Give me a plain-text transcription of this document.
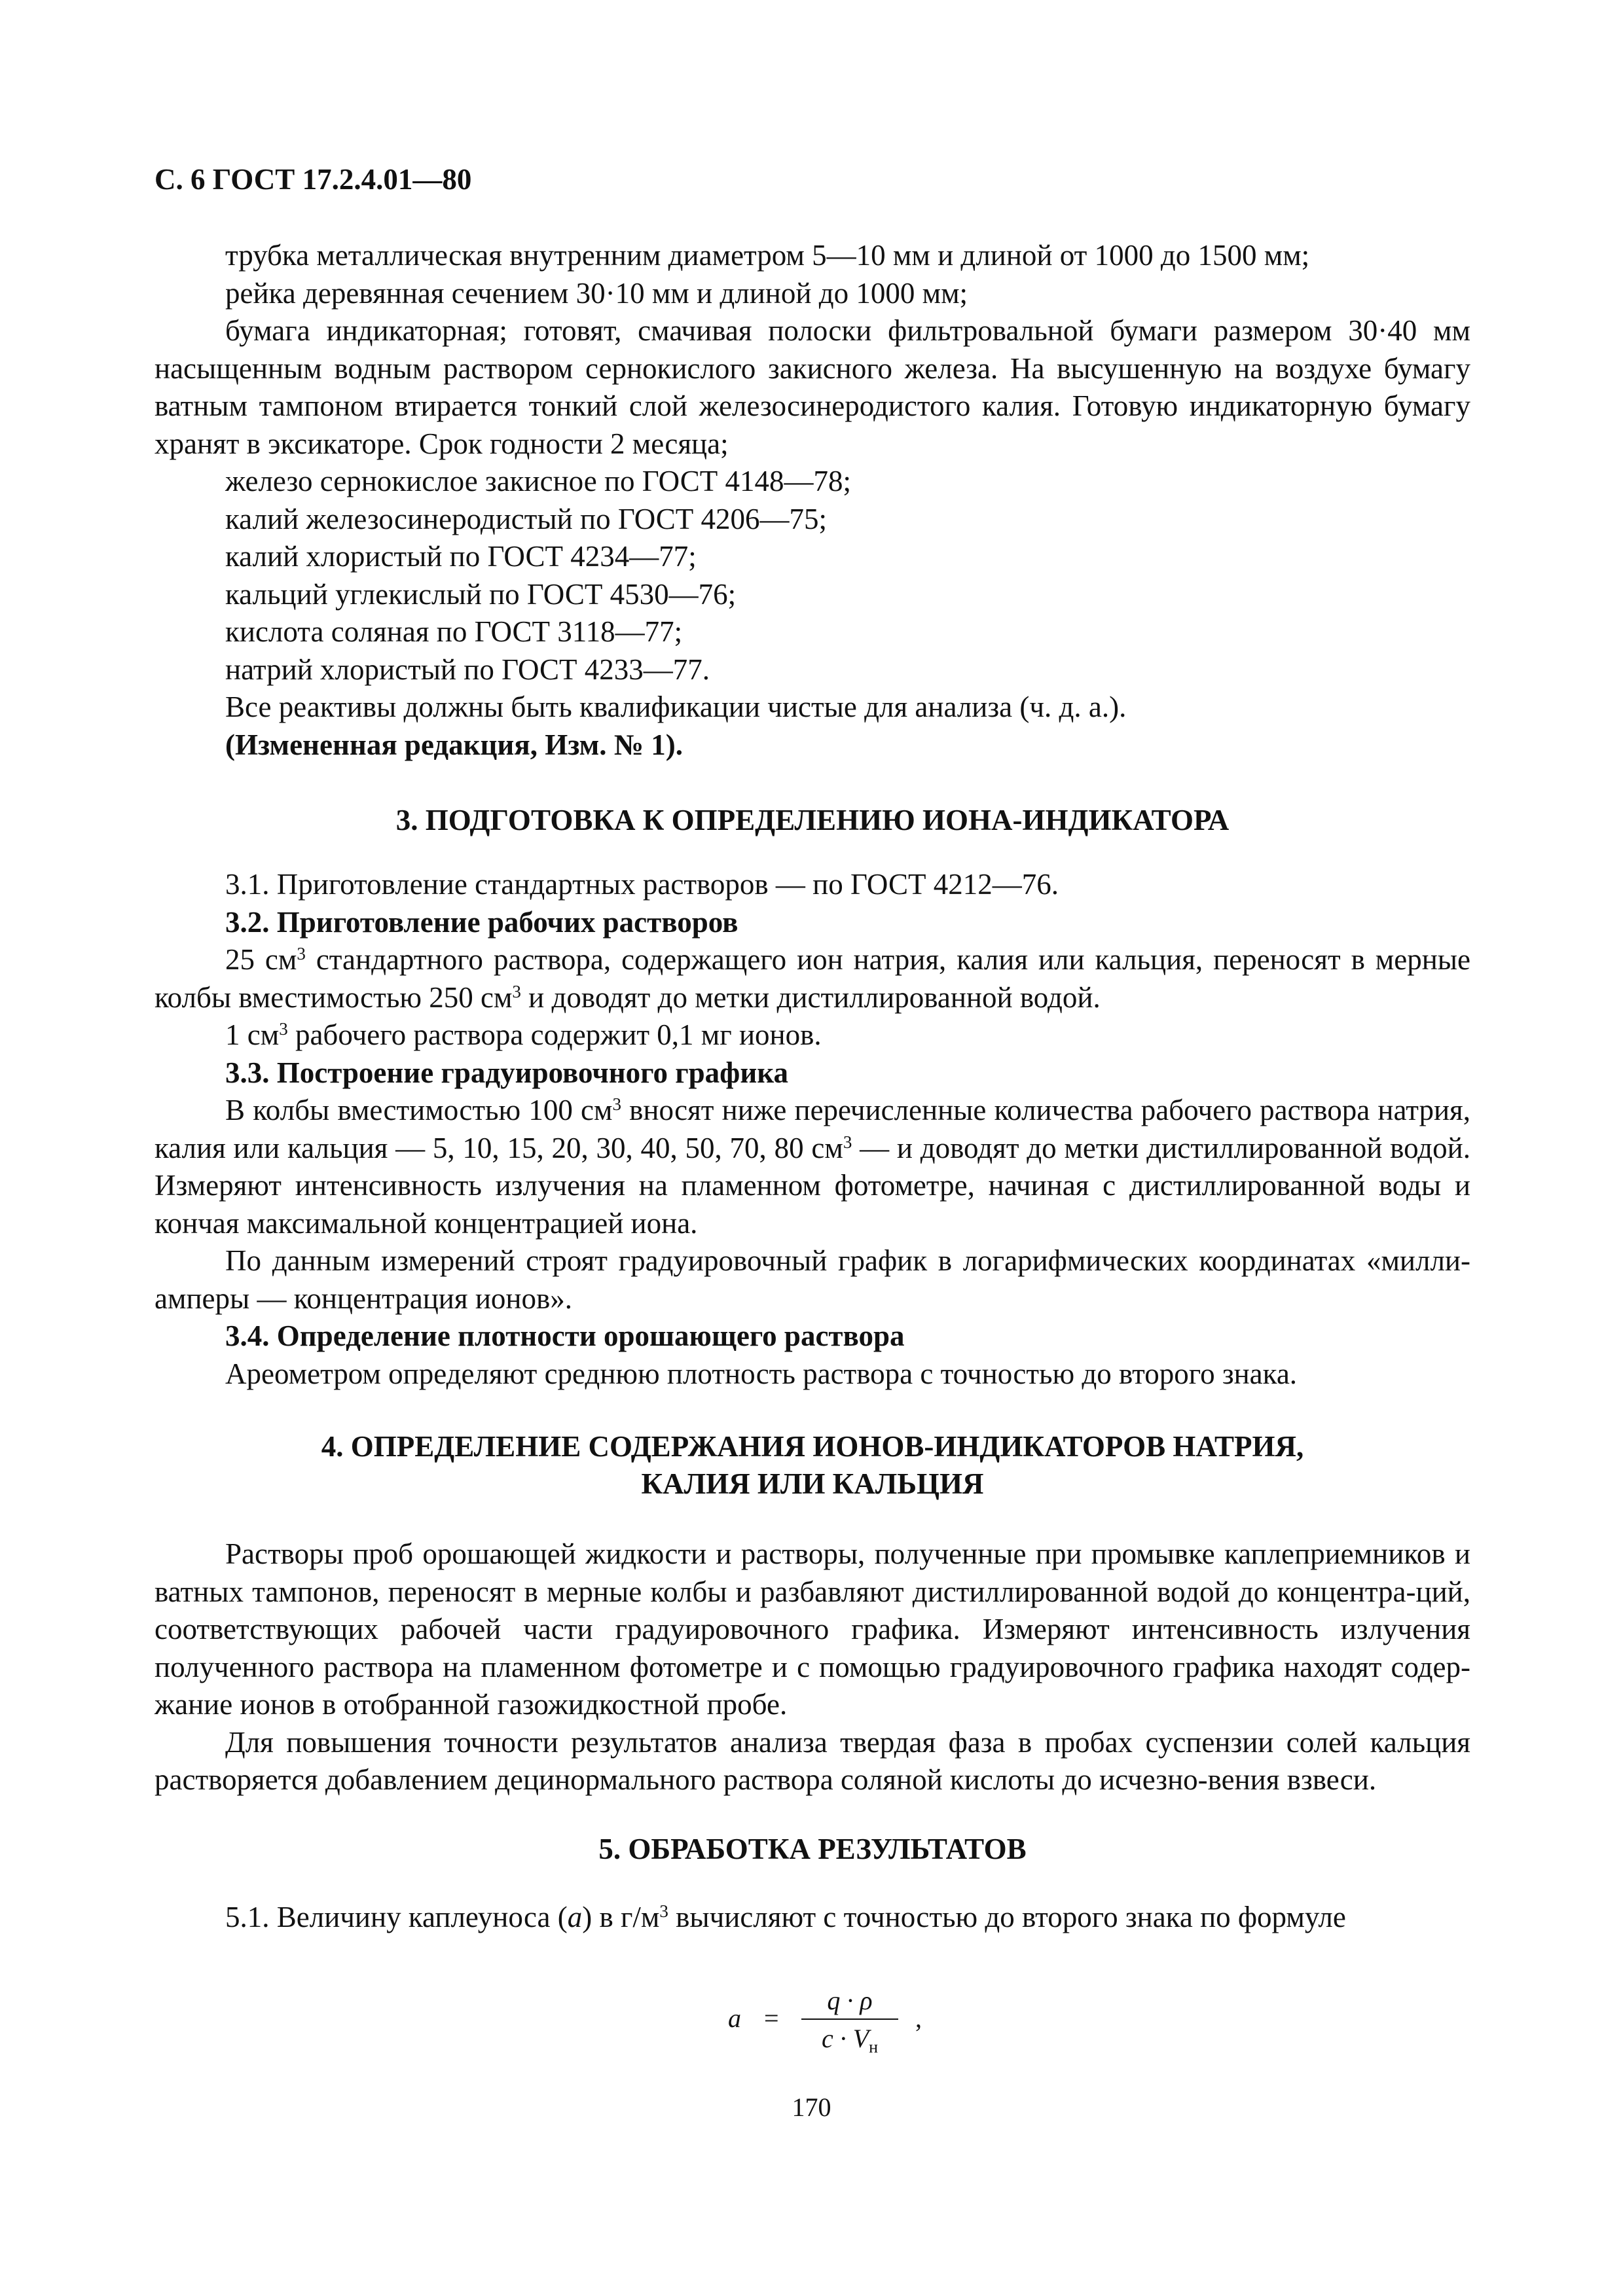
С. 6 ГОСТ 17.2.4.01—80

трубка металлическая внутренним диаметром 5—10 мм и длиной от 1000 до 1500 мм;

рейка деревянная сечением 30·10 мм и длиной до 1000 мм;

бумага индикаторная; готовят, смачивая полоски фильтровальной бумаги размером 30·40 мм насыщенным водным раствором сернокислого закисного железа. На высушенную на воздухе бумагу ватным тампоном втирается тонкий слой железосинеродистого калия. Готовую индикаторную бумагу хранят в эксикаторе. Срок годности 2 месяца;

железо сернокислое закисное по ГОСТ 4148—78;

калий железосинеродистый по ГОСТ 4206—75;

калий хлористый по ГОСТ 4234—77;

кальций углекислый по ГОСТ 4530—76;

кислота соляная по ГОСТ 3118—77;

натрий хлористый по ГОСТ 4233—77.

Все реактивы должны быть квалификации чистые для анализа (ч. д. а.).

(Измененная редакция, Изм. № 1).

3. ПОДГОТОВКА К ОПРЕДЕЛЕНИЮ ИОНА-ИНДИКАТОРА

3.1. Приготовление стандартных растворов — по ГОСТ 4212—76.

3.2. Приготовление рабочих растворов

25 $см^3$ стандартного раствора, содержащего ион натрия, калия или кальция, переносят в мерные колбы вместимостью 250 $см^3$ и доводят до метки дистиллированной водой.

1 $см^3$ рабочего раствора содержит 0,1 мг ионов.

3.3. Построение градуировочного графика

В колбы вместимостью 100 $см^3$ вносят ниже перечисленные количества рабочего раствора натрия, калия или кальция — 5, 10, 15, 20, 30, 40, 50, 70, 80 $см^3$ — и доводят до метки дистиллированной водой. Измеряют интенсивность излучения на пламенном фотометре, начиная с дистиллированной воды и кончая максимальной концентрацией иона.

По данным измерений строят градуировочный график в логарифмических координатах «милли-амперы — концентрация ионов».

3.4. Определение плотности орошающего раствора

Ареометром определяют среднюю плотность раствора с точностью до второго знака.

4. ОПРЕДЕЛЕНИЕ СОДЕРЖАНИЯ ИОНОВ-ИНДИКАТОРОВ НАТРИЯ,
КАЛИЯ ИЛИ КАЛЬЦИЯ

Растворы проб орошающей жидкости и растворы, полученные при промывке каплеприемников и ватных тампонов, переносят в мерные колбы и разбавляют дистиллированной водой до концентра-ций, соответствующих рабочей части градуировочного графика. Измеряют интенсивность излучения полученного раствора на пламенном фотометре и с помощью градуировочного графика находят содер-жание ионов в отобранной газожидкостной пробе.

Для повышения точности результатов анализа твердая фаза в пробах суспензии солей кальция растворяется добавлением децинормального раствора соляной кислоты до исчезно-вения взвеси.

5. ОБРАБОТКА РЕЗУЛЬТАТОВ

5.1. Величину каплеуноса (а) в $г/м^3$ вычисляют с точностью до второго знака по формуле

a =
q · ρ
$c \cdot V_н$
,
170
